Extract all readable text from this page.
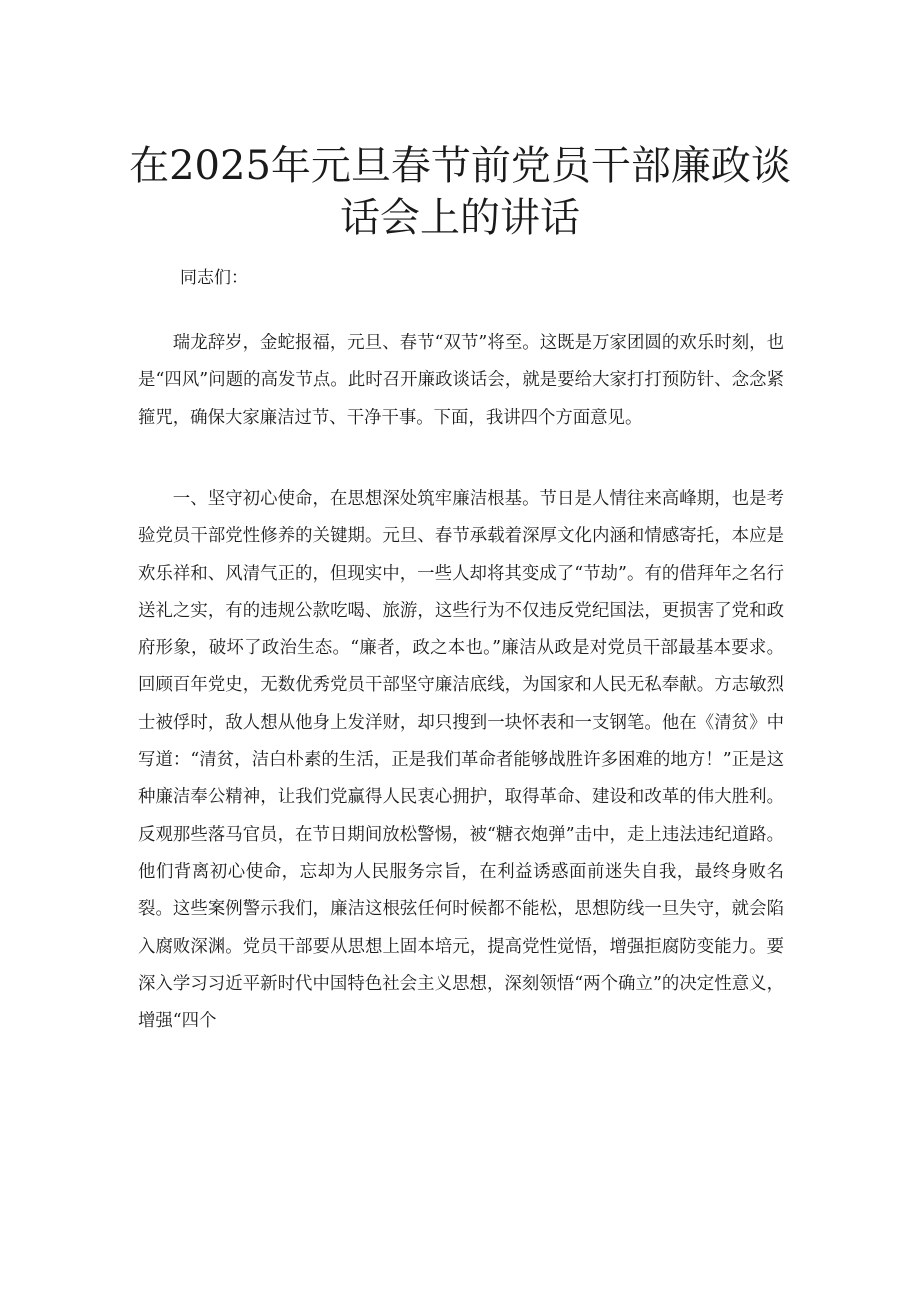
在2025年元旦春节前党员干部廉政谈话会上的讲话

同志们：

瑞龙辞岁，金蛇报福，元旦、春节“双节”将至。这既是万家团圆的欢乐时刻，也是“四风”问题的高发节点。此时召开廉政谈话会，就是要给大家打打预防针、念念紧箍咒，确保大家廉洁过节、干净干事。下面，我讲四个方面意见。

一、坚守初心使命，在思想深处筑牢廉洁根基。节日是人情往来高峰期，也是考验党员干部党性修养的关键期。元旦、春节承载着深厚文化内涵和情感寄托，本应是欢乐祥和、风清气正的，但现实中，一些人却将其变成了“节劫”。有的借拜年之名行送礼之实，有的违规公款吃喝、旅游，这些行为不仅违反党纪国法，更损害了党和政府形象，破坏了政治生态。“廉者，政之本也。”廉洁从政是对党员干部最基本要求。回顾百年党史，无数优秀党员干部坚守廉洁底线，为国家和人民无私奉献。方志敏烈士被俘时，敌人想从他身上发洋财，却只搜到一块怀表和一支钢笔。他在《清贫》中写道：“清贫，洁白朴素的生活，正是我们革命者能够战胜许多困难的地方！”正是这种廉洁奉公精神，让我们党赢得人民衷心拥护，取得革命、建设和改革的伟大胜利。反观那些落马官员，在节日期间放松警惕，被“糖衣炮弹”击中，走上违法违纪道路。他们背离初心使命，忘却为人民服务宗旨，在利益诱惑面前迷失自我，最终身败名裂。这些案例警示我们，廉洁这根弦任何时候都不能松，思想防线一旦失守，就会陷入腐败深渊。党员干部要从思想上固本培元，提高党性觉悟，增强拒腐防变能力。要深入学习习近平新时代中国特色社会主义思想，深刻领悟“两个确立”的决定性意义，增强“四个
